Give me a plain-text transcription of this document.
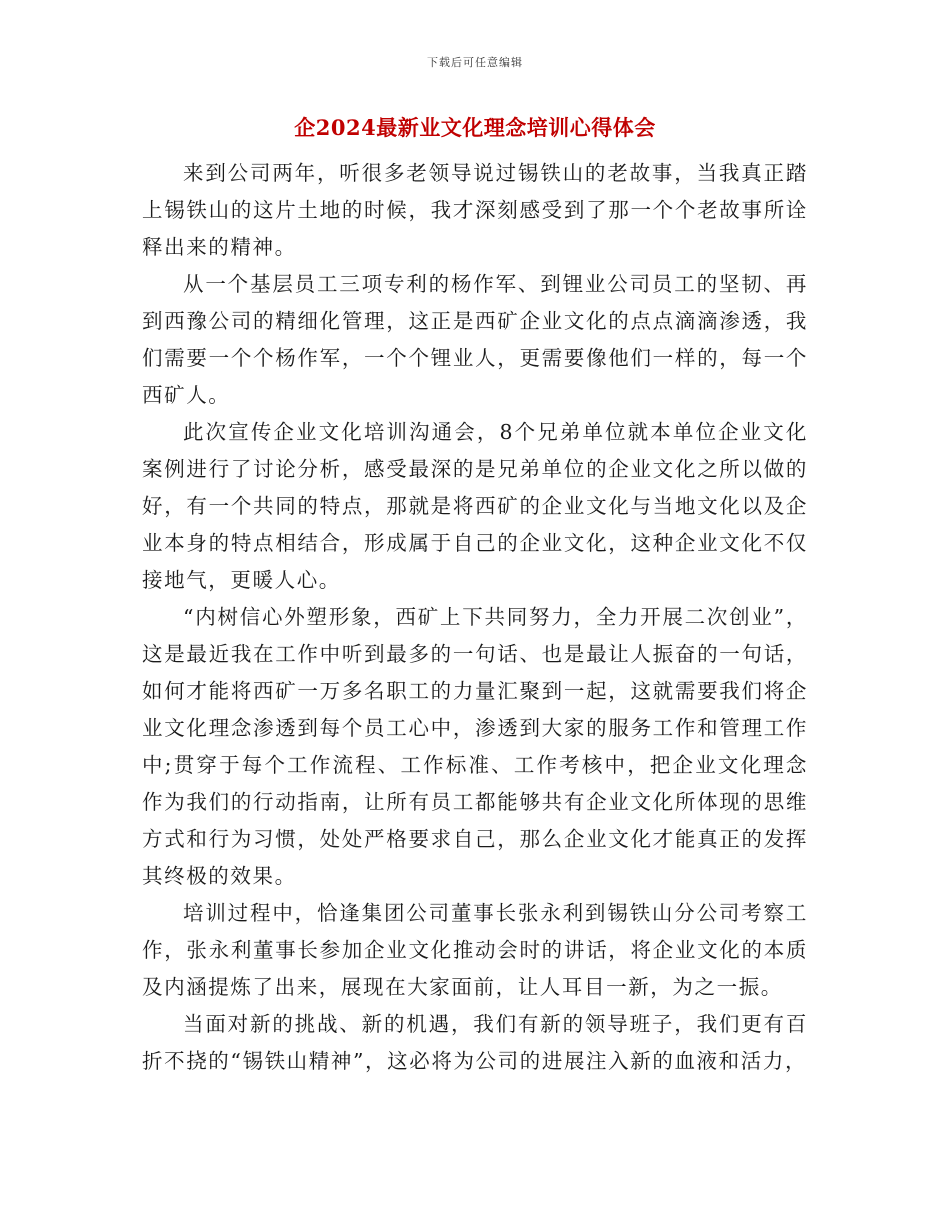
下载后可任意编辑
企2024最新业文化理念培训心得体会

来到公司两年，听很多老领导说过锡铁山的老故事，当我真正踏上锡铁山的这片土地的时候，我才深刻感受到了那一个个老故事所诠释出来的精神。

从一个基层员工三项专利的杨作军、到锂业公司员工的坚韧、再到西豫公司的精细化管理，这正是西矿企业文化的点点滴滴渗透，我们需要一个个杨作军，一个个锂业人，更需要像他们一样的，每一个西矿人。

此次宣传企业文化培训沟通会，8个兄弟单位就本单位企业文化案例进行了讨论分析，感受最深的是兄弟单位的企业文化之所以做的好，有一个共同的特点，那就是将西矿的企业文化与当地文化以及企业本身的特点相结合，形成属于自己的企业文化，这种企业文化不仅接地气，更暖人心。

“内树信心外塑形象，西矿上下共同努力，全力开展二次创业”，这是最近我在工作中听到最多的一句话、也是最让人振奋的一句话，如何才能将西矿一万多名职工的力量汇聚到一起，这就需要我们将企业文化理念渗透到每个员工心中，渗透到大家的服务工作和管理工作中;贯穿于每个工作流程、工作标准、工作考核中，把企业文化理念作为我们的行动指南，让所有员工都能够共有企业文化所体现的思维方式和行为习惯，处处严格要求自己，那么企业文化才能真正的发挥其终极的效果。

培训过程中，恰逢集团公司董事长张永利到锡铁山分公司考察工作，张永利董事长参加企业文化推动会时的讲话，将企业文化的本质及内涵提炼了出来，展现在大家面前，让人耳目一新，为之一振。

当面对新的挑战、新的机遇，我们有新的领导班子，我们更有百折不挠的“锡铁山精神”，这必将为公司的进展注入新的血液和活力，
